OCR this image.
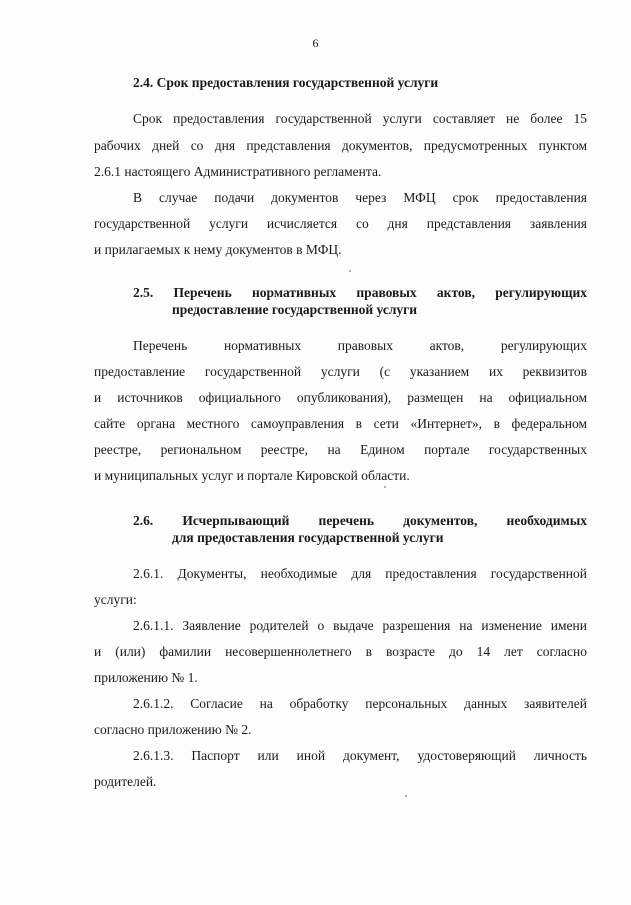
6
2.4. Срок предоставления государственной услуги
Срок предоставления государственной услуги составляет не более 15
рабочих дней со дня представления документов, предусмотренных пунктом
2.6.1 настоящего Административного регламента.
В случае подачи документов через МФЦ срок предоставления
государственной услуги исчисляется со дня представления заявления
и прилагаемых к нему документов в МФЦ.
2.5. Перечень нормативных правовых актов, регулирующих
предоставление государственной услуги
Перечень нормативных правовых актов, регулирующих
предоставление государственной услуги (с указанием их реквизитов
и источников официального опубликования), размещен на официальном
сайте органа местного самоуправления в сети «Интернет», в федеральном
реестре, региональном реестре, на Едином портале государственных
и муниципальных услуг и портале Кировской области.
2.6. Исчерпывающий перечень документов, необходимых
для предоставления государственной услуги
2.6.1. Документы, необходимые для предоставления государственной
услуги:
2.6.1.1. Заявление родителей о выдаче разрешения на изменение имени
и (или) фамилии несовершеннолетнего в возрасте до 14 лет согласно
приложению № 1.
2.6.1.2. Согласие на обработку персональных данных заявителей
согласно приложению № 2.
2.6.1.3. Паспорт или иной документ, удостоверяющий личность
родителей.
